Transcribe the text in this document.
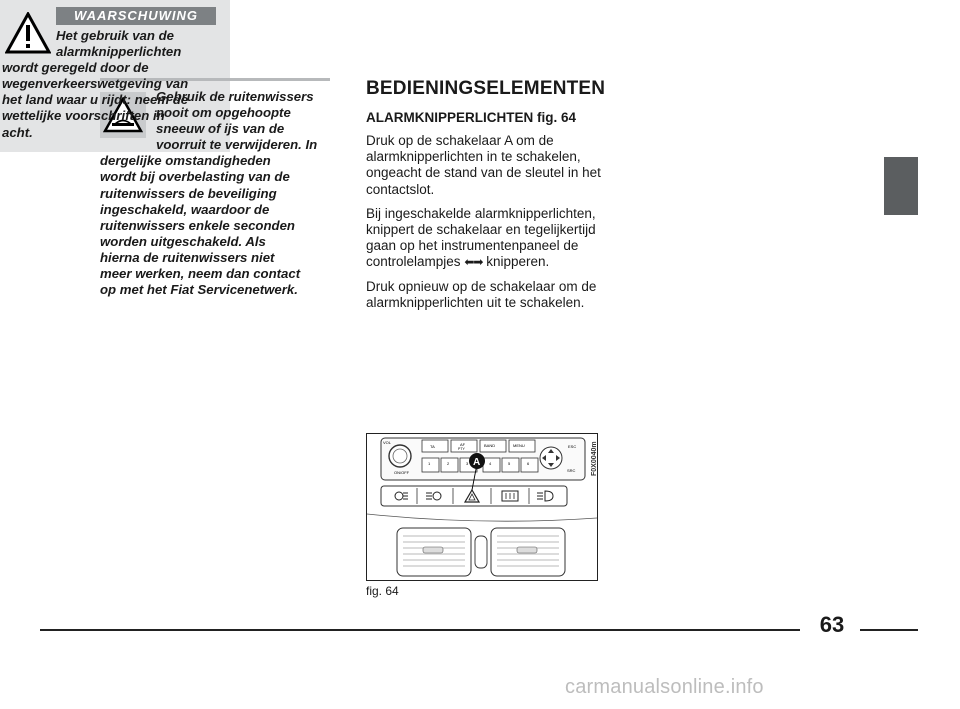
Gebruik de ruitenwissers
nooit om opgehoopte
sneeuw of ijs van de
voorruit te verwijderen. In
dergelijke omstandigheden
wordt bij overbelasting van de
ruitenwissers de beveiliging
ingeschakeld, waardoor de
ruitenwissers enkele seconden
worden uitgeschakeld. Als
hierna de ruitenwissers niet
meer werken, neem dan contact
op met het Fiat Servicenetwerk.
BEDIENINGSELEMENTEN
ALARMKNIPPERLICHTEN fig. 64

Druk op de schakelaar A om de alarmknipperlichten in te schakelen, ongeacht de stand van de sleutel in het contactslot.

Bij ingeschakelde alarmknipperlichten, knippert de schakelaar en tegelijkertijd gaan op het instrumentenpaneel de controlelampjes ⬅➡ knipperen.

Druk opnieuw op de schakelaar om de alarmknipperlichten uit te schakelen.

WAARSCHUWING
Het gebruik van de
alarmknipperlichten
wordt geregeld door de
wegenverkeerswetgeving van
het land waar u rijdt: neem de
wettelijke voorschriften in
acht.
VOL
ON/OFF
TA	AF
PTY
BAND	MENU
1	2	3	4	5	6
ESC
SRC
A	F0X0040m
fig. 64
63
carmanualsonline.info
